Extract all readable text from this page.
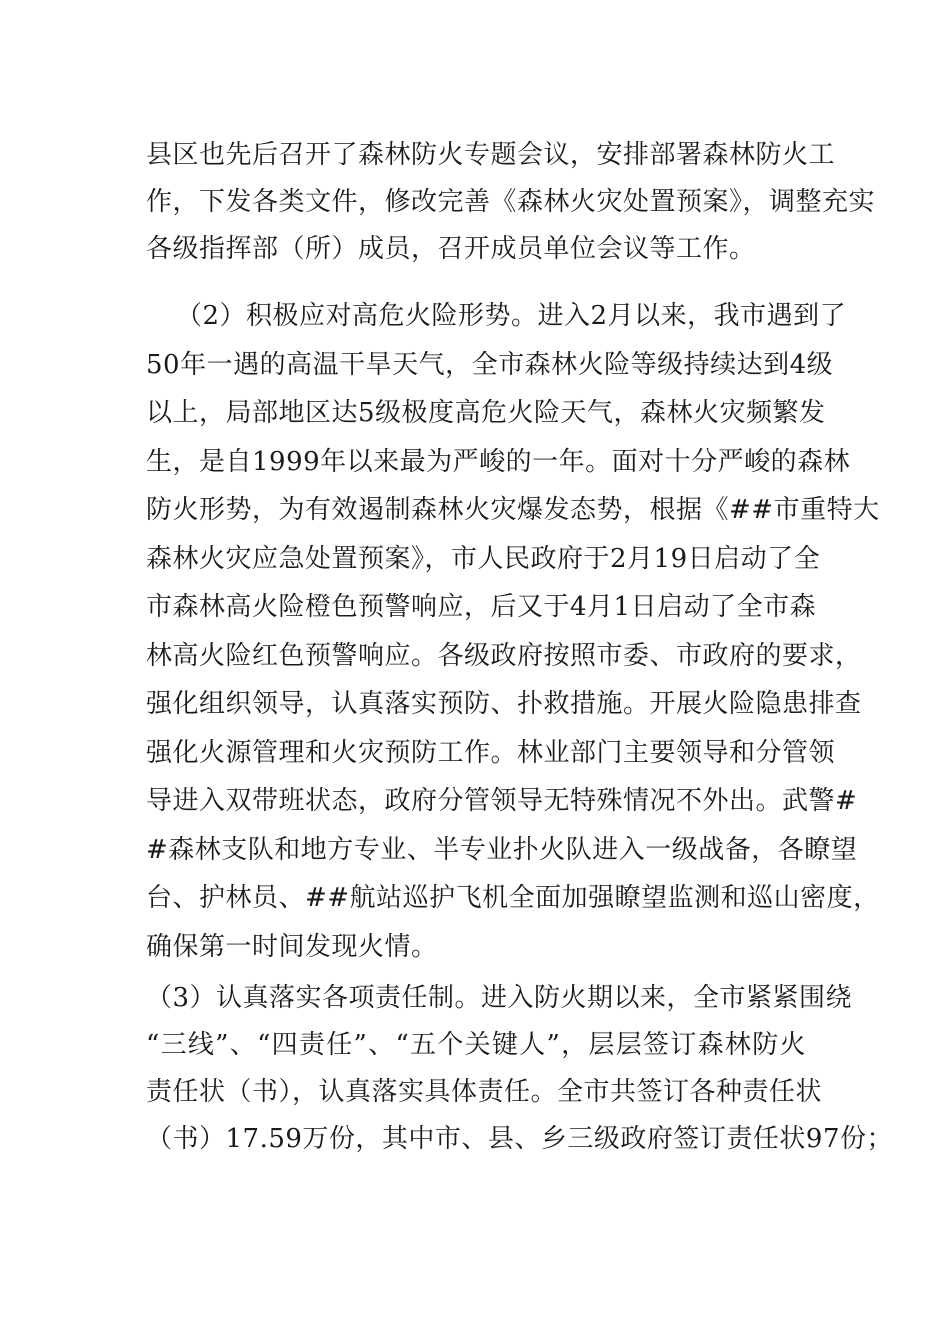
县区也先后召开了森林防火专题会议，安排部署森林防火工
作，下发各类文件，修改完善《森林火灾处置预案》，调整充实
各级指挥部（所）成员，召开成员单位会议等工作。
（2）积极应对高危火险形势。进入2月以来，我市遇到了
50年一遇的高温干旱天气，全市森林火险等级持续达到4级
以上，局部地区达5级极度高危火险天气，森林火灾频繁发
生，是自1999年以来最为严峻的一年。面对十分严峻的森林
防火形势，为有效遏制森林火灾爆发态势，根据《##市重特大
森林火灾应急处置预案》，市人民政府于2月19日启动了全
市森林高火险橙色预警响应，后又于4月1日启动了全市森
林高火险红色预警响应。各级政府按照市委、市政府的要求，
强化组织领导，认真落实预防、扑救措施。开展火险隐患排查
强化火源管理和火灾预防工作。林业部门主要领导和分管领
导进入双带班状态，政府分管领导无特殊情况不外出。武警#
#森林支队和地方专业、半专业扑火队进入一级战备，各瞭望
台、护林员、##航站巡护飞机全面加强瞭望监测和巡山密度，
确保第一时间发现火情。
（3）认真落实各项责任制。进入防火期以来，全市紧紧围绕
“三线”、“四责任”、“五个关键人”，层层签订森林防火
责任状（书），认真落实具体责任。全市共签订各种责任状
（书）17.59万份，其中市、县、乡三级政府签订责任状97份；
